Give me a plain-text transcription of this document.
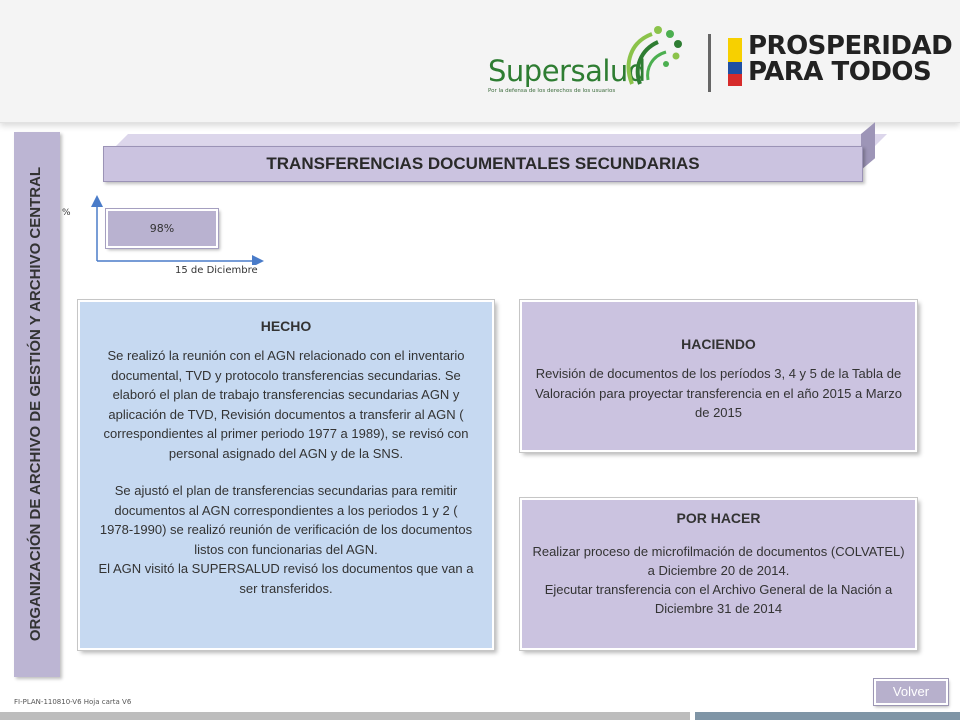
Supersalud
Por la defensa de los derechos de los usuarios
PROSPERIDAD
PARA TODOS
ORGANIZACIÓN DE ARCHIVO DE GESTIÓN Y ARCHIVO CENTRAL
TRANSFERENCIAS DOCUMENTALES SECUNDARIAS
%
98%
15 de Diciembre
HECHO
Se realizó la reunión con el AGN relacionado con el inventario documental, TVD y protocolo transferencias secundarias. Se elaboró el plan de trabajo transferencias secundarias AGN y aplicación de TVD, Revisión documentos a transferir al AGN ( correspondientes al primer periodo 1977 a 1989), se revisó con personal asignado del AGN y de la SNS.
Se ajustó el plan de transferencias secundarias para remitir documentos al AGN correspondientes a los periodos 1 y 2 ( 1978-1990) se realizó reunión de verificación de los documentos listos con funcionarias del AGN.
El AGN visitó la SUPERSALUD revisó los documentos que van a ser transferidos.
HACIENDO
Revisión de documentos de los períodos 3, 4 y 5 de la Tabla de Valoración para proyectar transferencia en el año 2015 a Marzo de 2015
POR HACER
Realizar proceso de microfilmación de documentos (COLVATEL) a Diciembre 20 de 2014.
Ejecutar transferencia con el Archivo General de la Nación a Diciembre 31 de 2014
FI-PLAN-110810-V6 Hoja carta V6
Volver
